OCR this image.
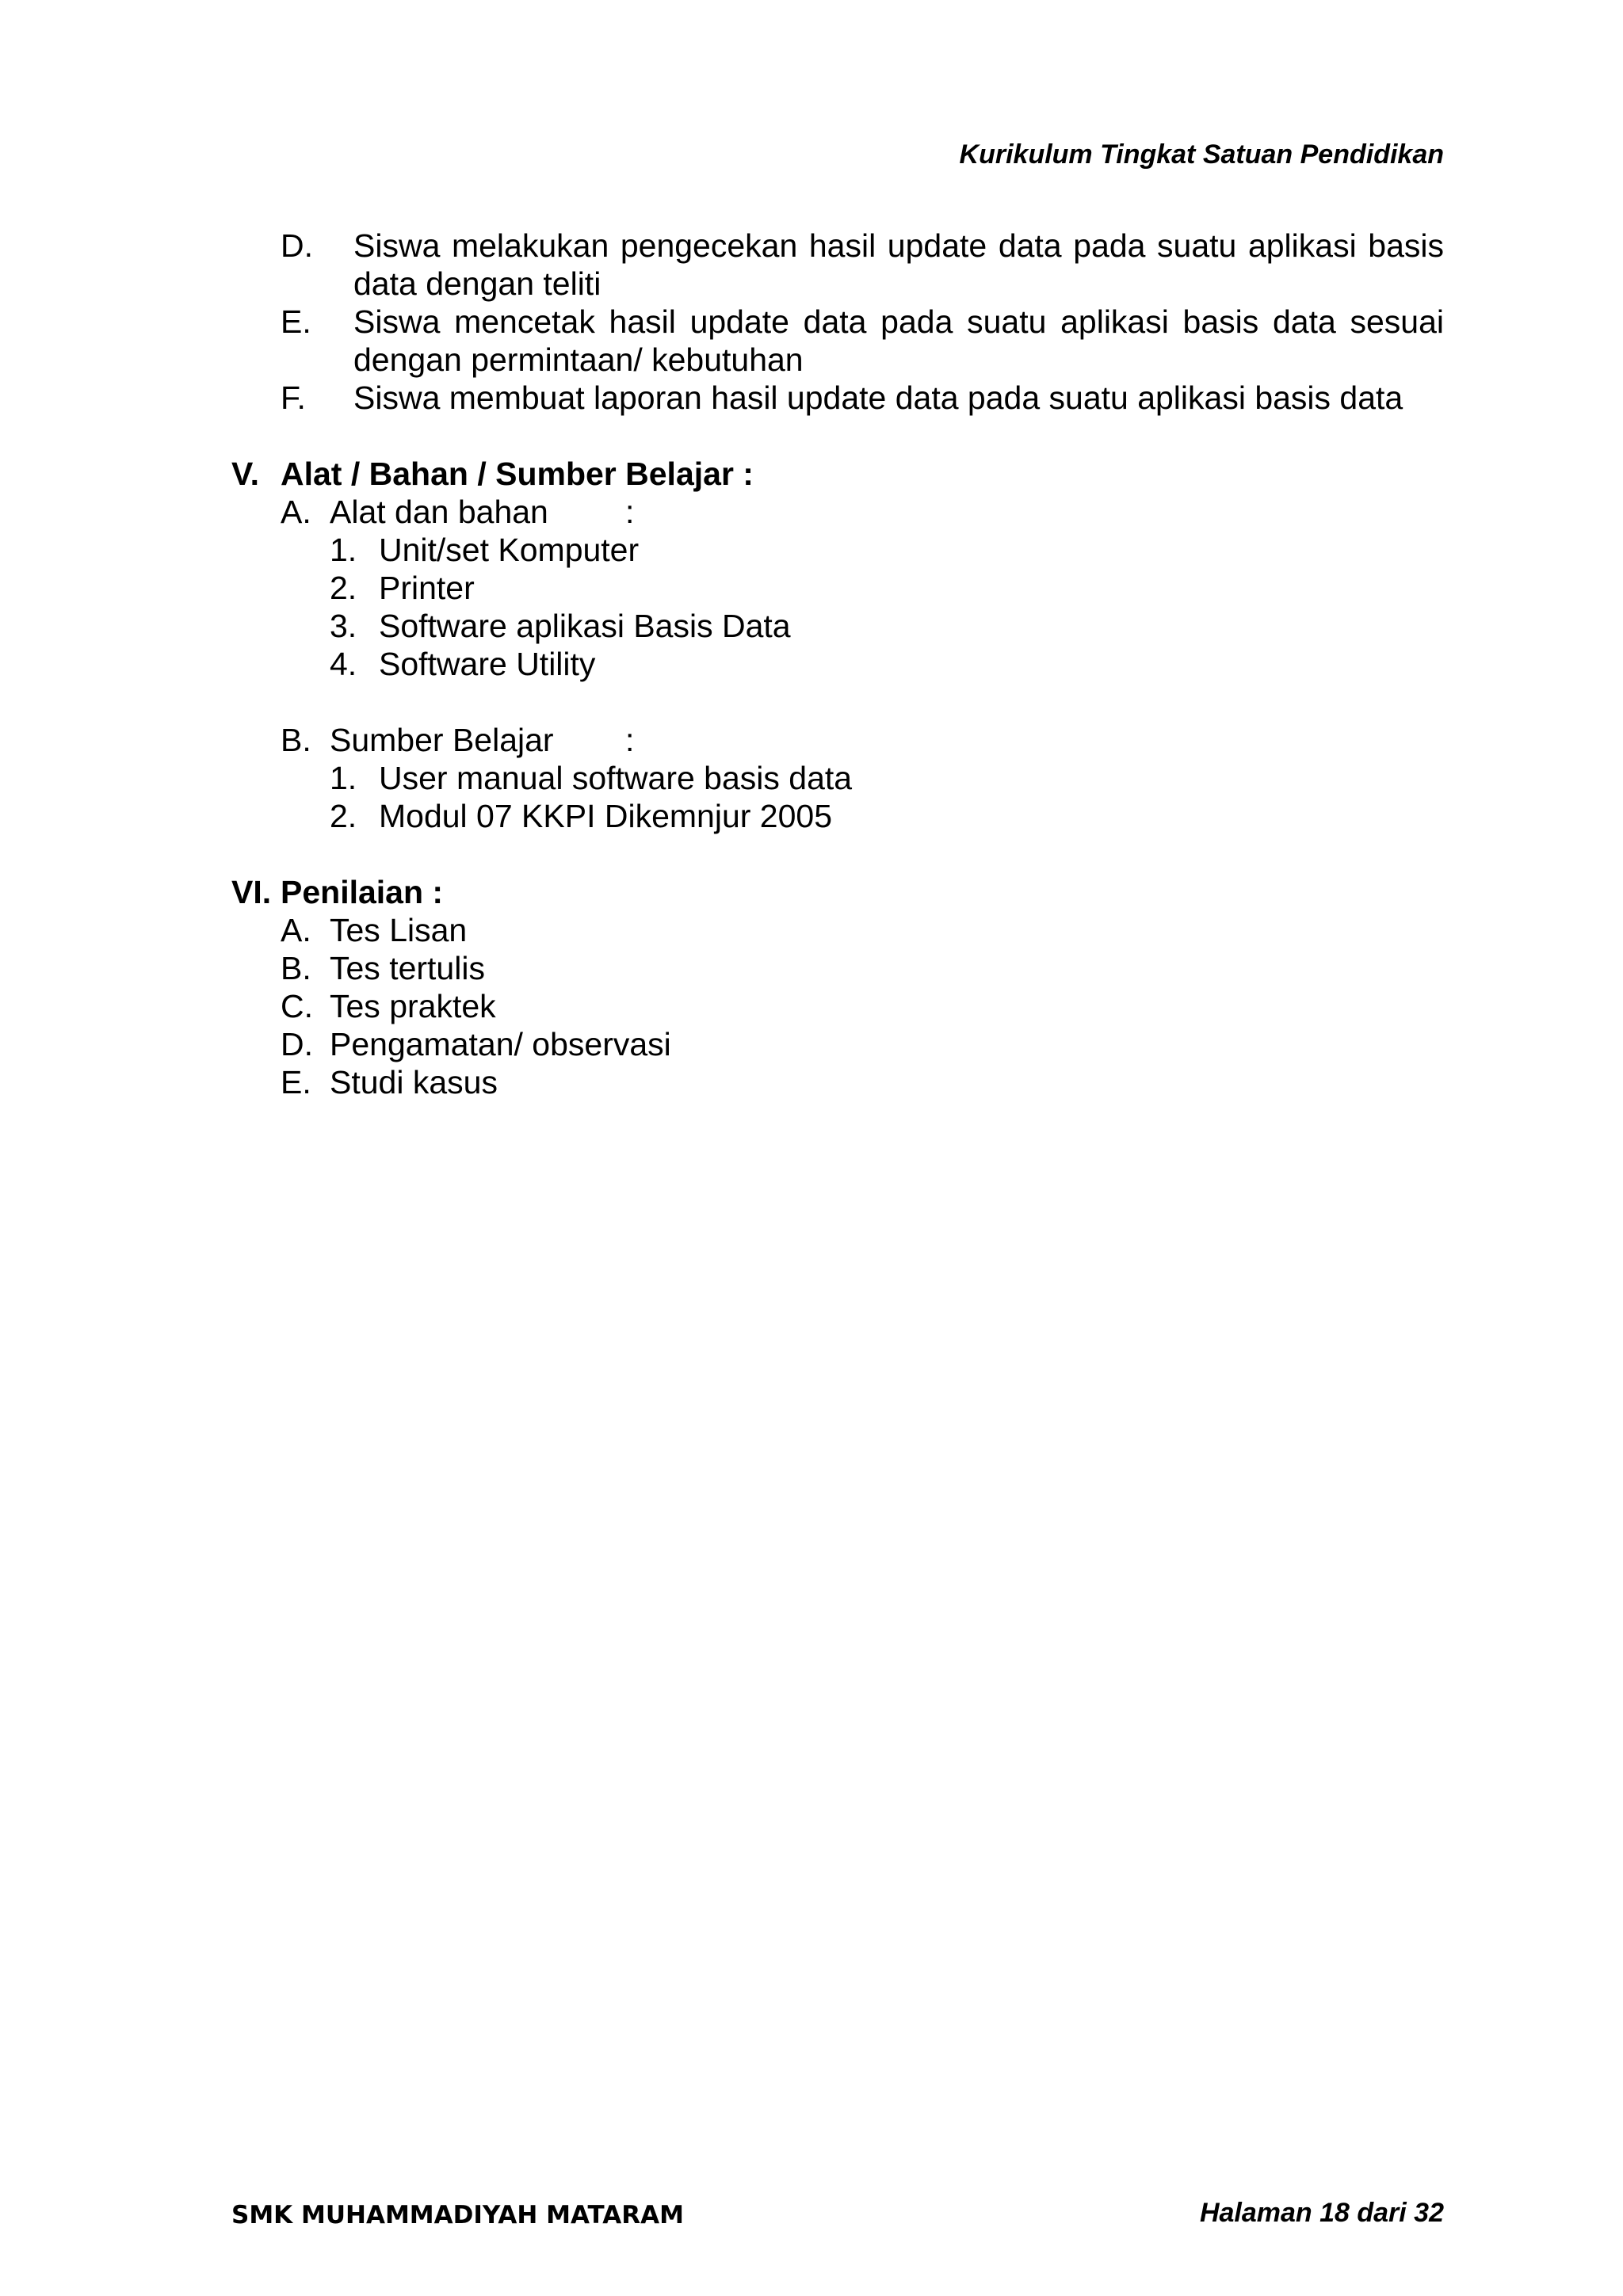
Kurikulum Tingkat Satuan Pendidikan
D.	Siswa melakukan pengecekan hasil update data pada suatu aplikasi basis data dengan teliti
E.	Siswa mencetak hasil update data pada suatu aplikasi basis data sesuai dengan permintaan/ kebutuhan
F.	Siswa membuat laporan hasil update data pada suatu aplikasi basis data
V. Alat / Bahan / Sumber Belajar :
A. Alat dan bahan	:
1. Unit/set Komputer
2. Printer
3. Software aplikasi Basis Data
4. Software Utility
B. Sumber Belajar	:
1. User manual software basis data
2. Modul 07 KKPI Dikemnjur 2005
VI. Penilaian :
A. Tes Lisan
B. Tes tertulis
C. Tes praktek
D. Pengamatan/ observasi
E. Studi kasus
SMK MUHAMMADIYAH MATARAM	Halaman 18 dari 32
